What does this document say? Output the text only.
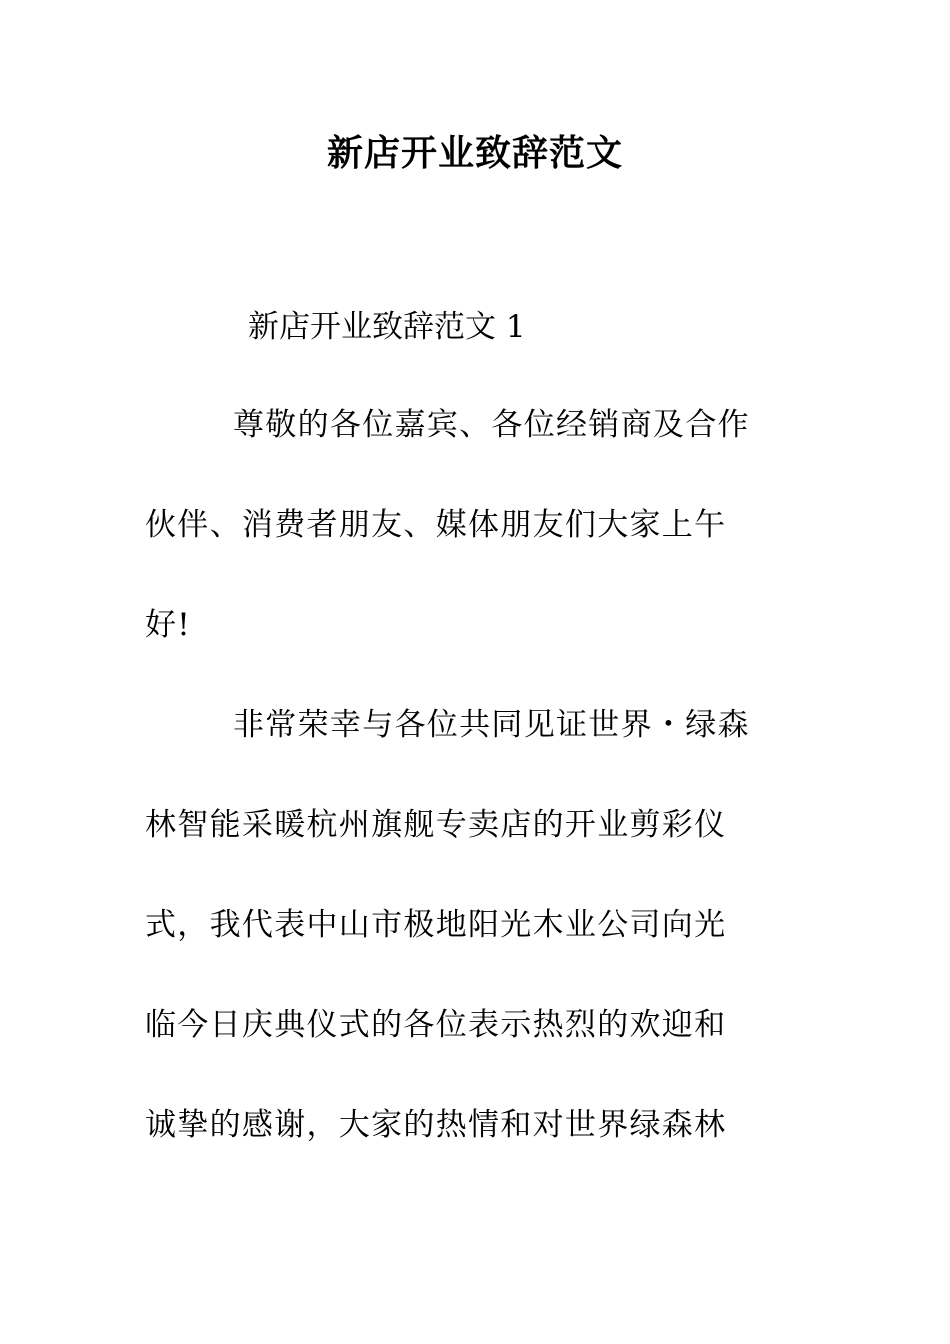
新店开业致辞范文
新店开业致辞范文 1
尊敬的各位嘉宾、各位经销商及合作
伙伴、消费者朋友、媒体朋友们大家上午
好!
非常荣幸与各位共同见证世界・绿森
林智能采暖杭州旗舰专卖店的开业剪彩仪
式，我代表中山市极地阳光木业公司向光
临今日庆典仪式的各位表示热烈的欢迎和
诚挚的感谢，大家的热情和对世界绿森林
